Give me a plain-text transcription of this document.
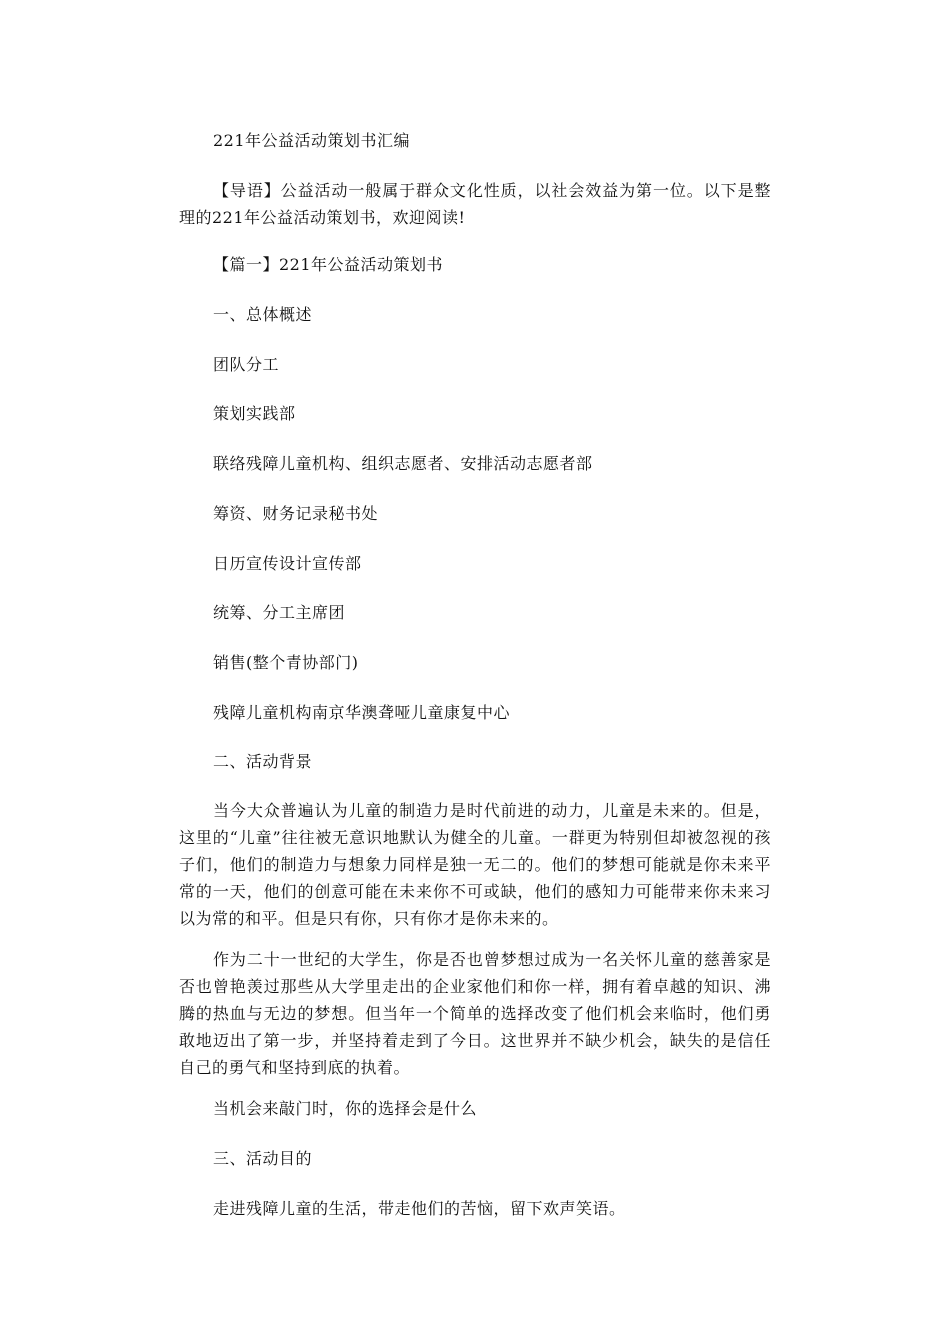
221年公益活动策划书汇编

【导语】公益活动一般属于群众文化性质，以社会效益为第一位。以下是整理的221年公益活动策划书，欢迎阅读!

【篇一】221年公益活动策划书

一、总体概述

团队分工

策划实践部

联络残障儿童机构、组织志愿者、安排活动志愿者部

筹资、财务记录秘书处

日历宣传设计宣传部

统筹、分工主席团

销售(整个青协部门)

残障儿童机构南京华澳聋哑儿童康复中心

二、活动背景

当今大众普遍认为儿童的制造力是时代前进的动力，儿童是未来的。但是，这里的“儿童”往往被无意识地默认为健全的儿童。一群更为特别但却被忽视的孩子们，他们的制造力与想象力同样是独一无二的。他们的梦想可能就是你未来平常的一天，他们的创意可能在未来你不可或缺，他们的感知力可能带来你未来习以为常的和平。但是只有你，只有你才是你未来的。

作为二十一世纪的大学生，你是否也曾梦想过成为一名关怀儿童的慈善家是否也曾艳羡过那些从大学里走出的企业家他们和你一样，拥有着卓越的知识、沸腾的热血与无边的梦想。但当年一个简单的选择改变了他们机会来临时，他们勇敢地迈出了第一步，并坚持着走到了今日。这世界并不缺少机会，缺失的是信任自己的勇气和坚持到底的执着。

当机会来敲门时，你的选择会是什么

三、活动目的

走进残障儿童的生活，带走他们的苦恼，留下欢声笑语。
